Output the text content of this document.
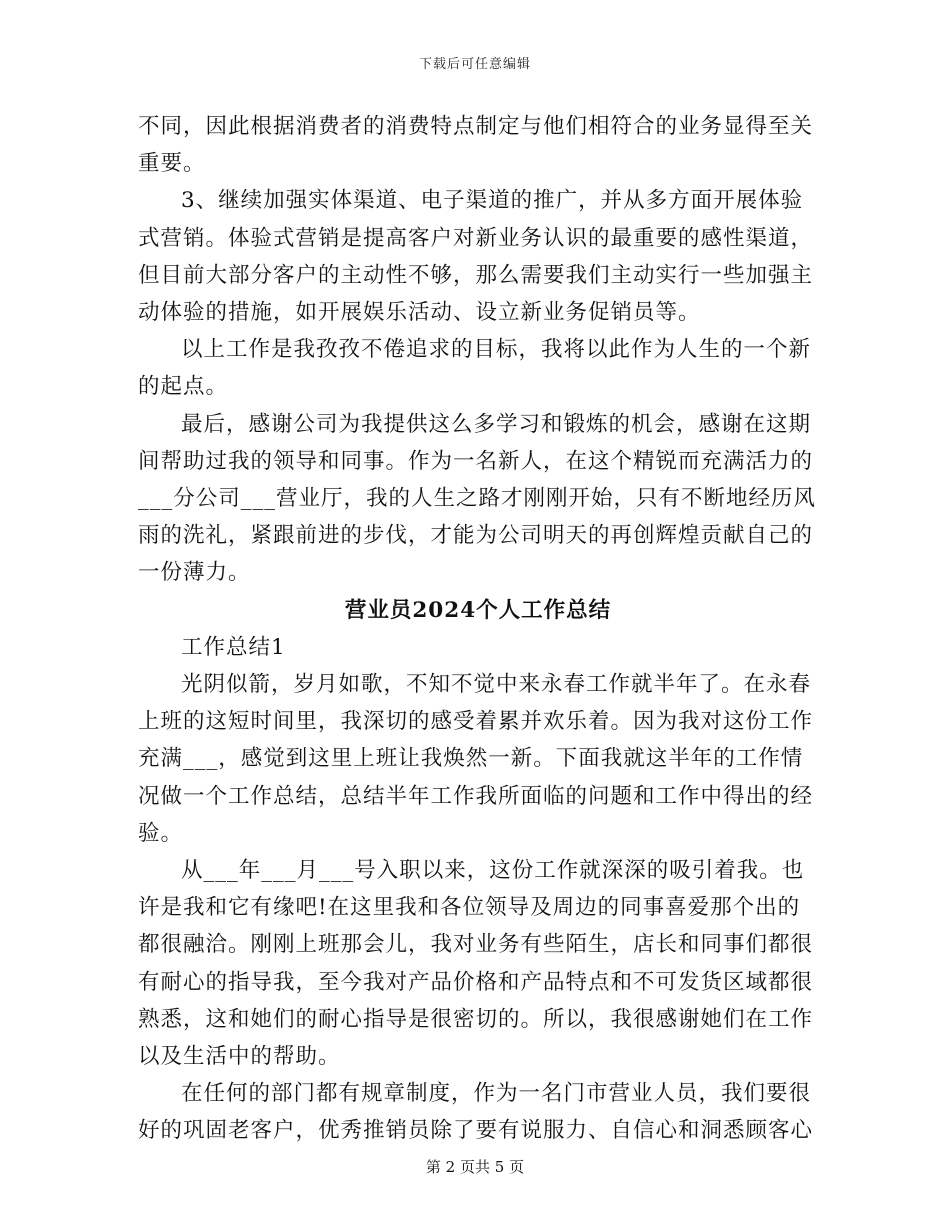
下载后可任意编辑

不同，因此根据消费者的消费特点制定与他们相符合的业务显得至关重要。

3、继续加强实体渠道、电子渠道的推广，并从多方面开展体验式营销。体验式营销是提高客户对新业务认识的最重要的感性渠道，但目前大部分客户的主动性不够，那么需要我们主动实行一些加强主动体验的措施，如开展娱乐活动、设立新业务促销员等。

以上工作是我孜孜不倦追求的目标，我将以此作为人生的一个新的起点。

最后，感谢公司为我提供这么多学习和锻炼的机会，感谢在这期间帮助过我的领导和同事。作为一名新人，在这个精锐而充满活力的___分公司___营业厅，我的人生之路才刚刚开始，只有不断地经历风雨的洗礼，紧跟前进的步伐，才能为公司明天的再创辉煌贡献自己的一份薄力。

营业员2024个人工作总结

工作总结1

光阴似箭，岁月如歌，不知不觉中来永春工作就半年了。在永春上班的这短时间里，我深切的感受着累并欢乐着。因为我对这份工作充满___，感觉到这里上班让我焕然一新。下面我就这半年的工作情况做一个工作总结，总结半年工作我所面临的问题和工作中得出的经验。

从___年___月___号入职以来，这份工作就深深的吸引着我。也许是我和它有缘吧!在这里我和各位领导及周边的同事喜爱那个出的都很融洽。刚刚上班那会儿，我对业务有些陌生，店长和同事们都很有耐心的指导我，至今我对产品价格和产品特点和不可发货区域都很熟悉，这和她们的耐心指导是很密切的。所以，我很感谢她们在工作以及生活中的帮助。

在任何的部门都有规章制度，作为一名门市营业人员，我们要很好的巩固老客户，优秀推销员除了要有说服力、自信心和洞悉顾客心

第 2 页共 5 页
